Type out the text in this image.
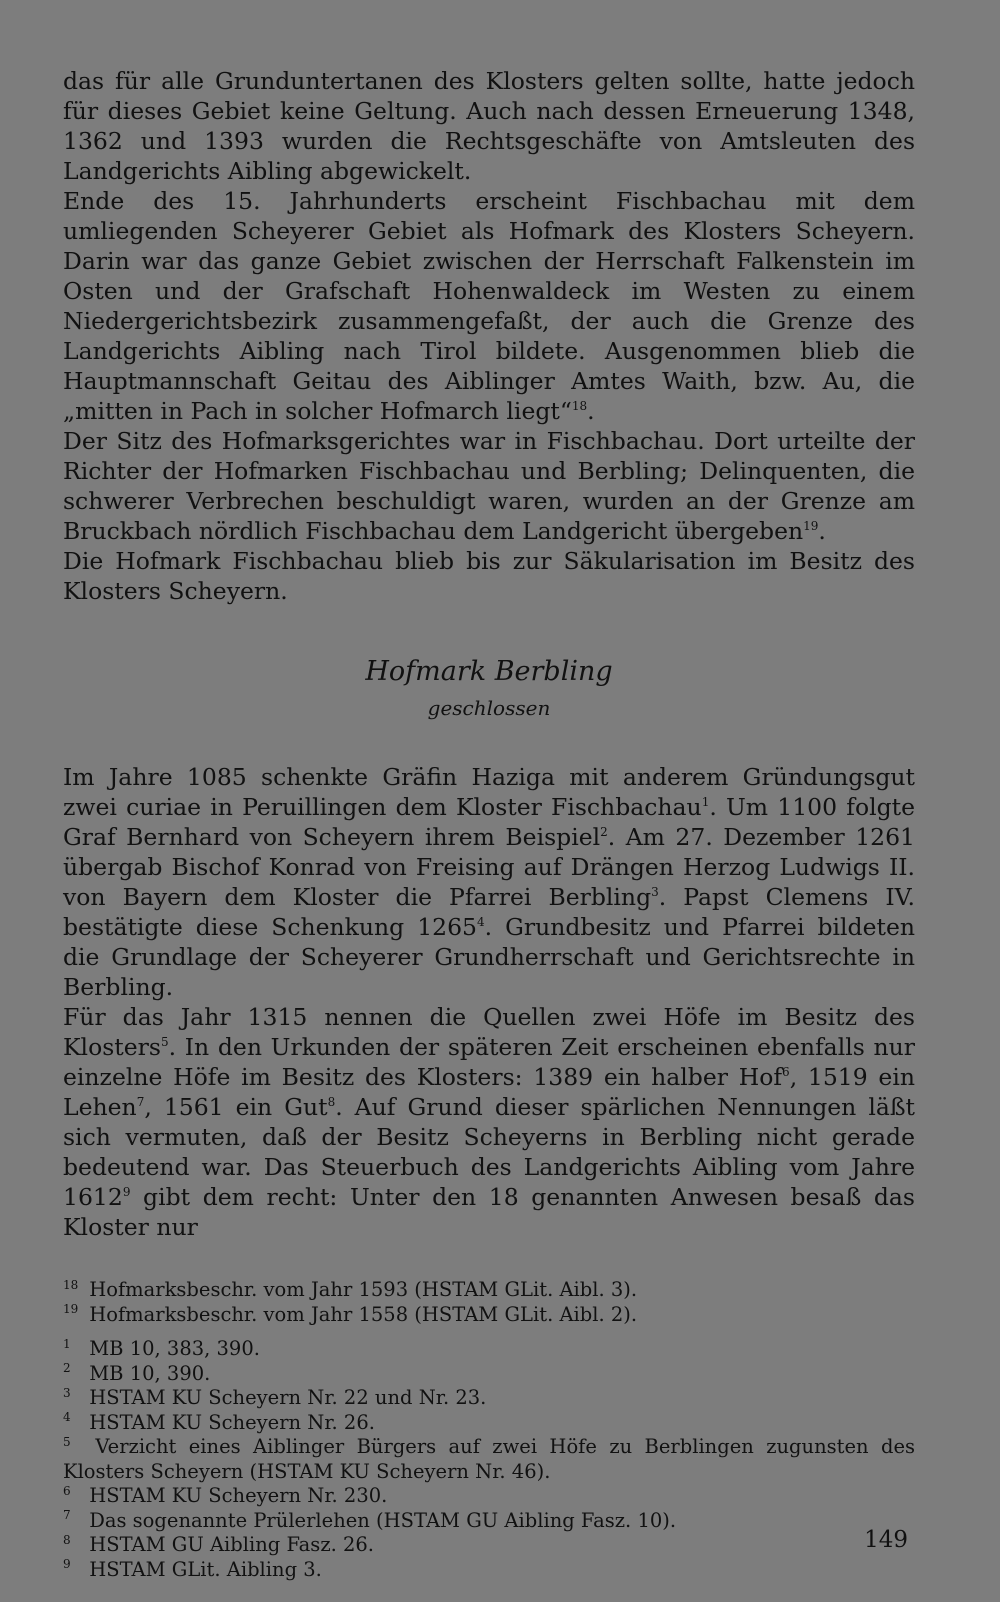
das für alle Grunduntertanen des Klosters gelten sollte, hatte jedoch für dieses Gebiet keine Geltung. Auch nach dessen Erneuerung 1348, 1362 und 1393 wurden die Rechtsgeschäfte von Amtsleuten des Landgerichts Aibling abgewickelt.

Ende des 15. Jahrhunderts erscheint Fischbachau mit dem umliegenden Scheyerer Gebiet als Hofmark des Klosters Scheyern. Darin war das ganze Gebiet zwischen der Herrschaft Falkenstein im Osten und der Grafschaft Hohenwaldeck im Westen zu einem Niedergerichtsbezirk zusammengefaßt, der auch die Grenze des Landgerichts Aibling nach Tirol bildete. Ausgenommen blieb die Hauptmannschaft Geitau des Aiblinger Amtes Waith, bzw. Au, die „mitten in Pach in solcher Hofmarch liegt“$^{18}$.

Der Sitz des Hofmarksgerichtes war in Fischbachau. Dort urteilte der Richter der Hofmarken Fischbachau und Berbling; Delinquenten, die schwerer Verbrechen beschuldigt waren, wurden an der Grenze am Bruckbach nördlich Fischbachau dem Landgericht übergeben$^{19}$.

Die Hofmark Fischbachau blieb bis zur Säkularisation im Besitz des Klosters Scheyern.

Hofmark Berbling
geschlossen

Im Jahre 1085 schenkte Gräfin Haziga mit anderem Gründungsgut zwei curiae in Peruillingen dem Kloster Fischbachau$^1$. Um 1100 folgte Graf Bernhard von Scheyern ihrem Beispiel$^2$. Am 27. Dezember 1261 übergab Bischof Konrad von Freising auf Drängen Herzog Ludwigs II. von Bayern dem Kloster die Pfarrei Berbling$^3$. Papst Clemens IV. bestätigte diese Schenkung 1265$^4$. Grundbesitz und Pfarrei bildeten die Grundlage der Scheyerer Grundherrschaft und Gerichtsrechte in Berbling.

Für das Jahr 1315 nennen die Quellen zwei Höfe im Besitz des Klosters$^5$. In den Urkunden der späteren Zeit erscheinen ebenfalls nur einzelne Höfe im Besitz des Klosters: 1389 ein halber Hof$^6$, 1519 ein Lehen$^7$, 1561 ein Gut$^8$. Auf Grund dieser spärlichen Nennungen läßt sich vermuten, daß der Besitz Scheyerns in Berbling nicht gerade bedeutend war. Das Steuerbuch des Landgerichts Aibling vom Jahre 1612$^9$ gibt dem recht: Unter den 18 genannten Anwesen besaß das Kloster nur

18 Hofmarksbeschr. vom Jahr 1593 (HSTAM GLit. Aibl. 3).

19 Hofmarksbeschr. vom Jahr 1558 (HSTAM GLit. Aibl. 2).

1 MB 10, 383, 390.

2 MB 10, 390.

3 HSTAM KU Scheyern Nr. 22 und Nr. 23.

4 HSTAM KU Scheyern Nr. 26.

5 Verzicht eines Aiblinger Bürgers auf zwei Höfe zu Berblingen zugunsten des Klosters Scheyern (HSTAM KU Scheyern Nr. 46).

6 HSTAM KU Scheyern Nr. 230.

7 Das sogenannte Prülerlehen (HSTAM GU Aibling Fasz. 10).

8 HSTAM GU Aibling Fasz. 26.

9 HSTAM GLit. Aibling 3.

149
